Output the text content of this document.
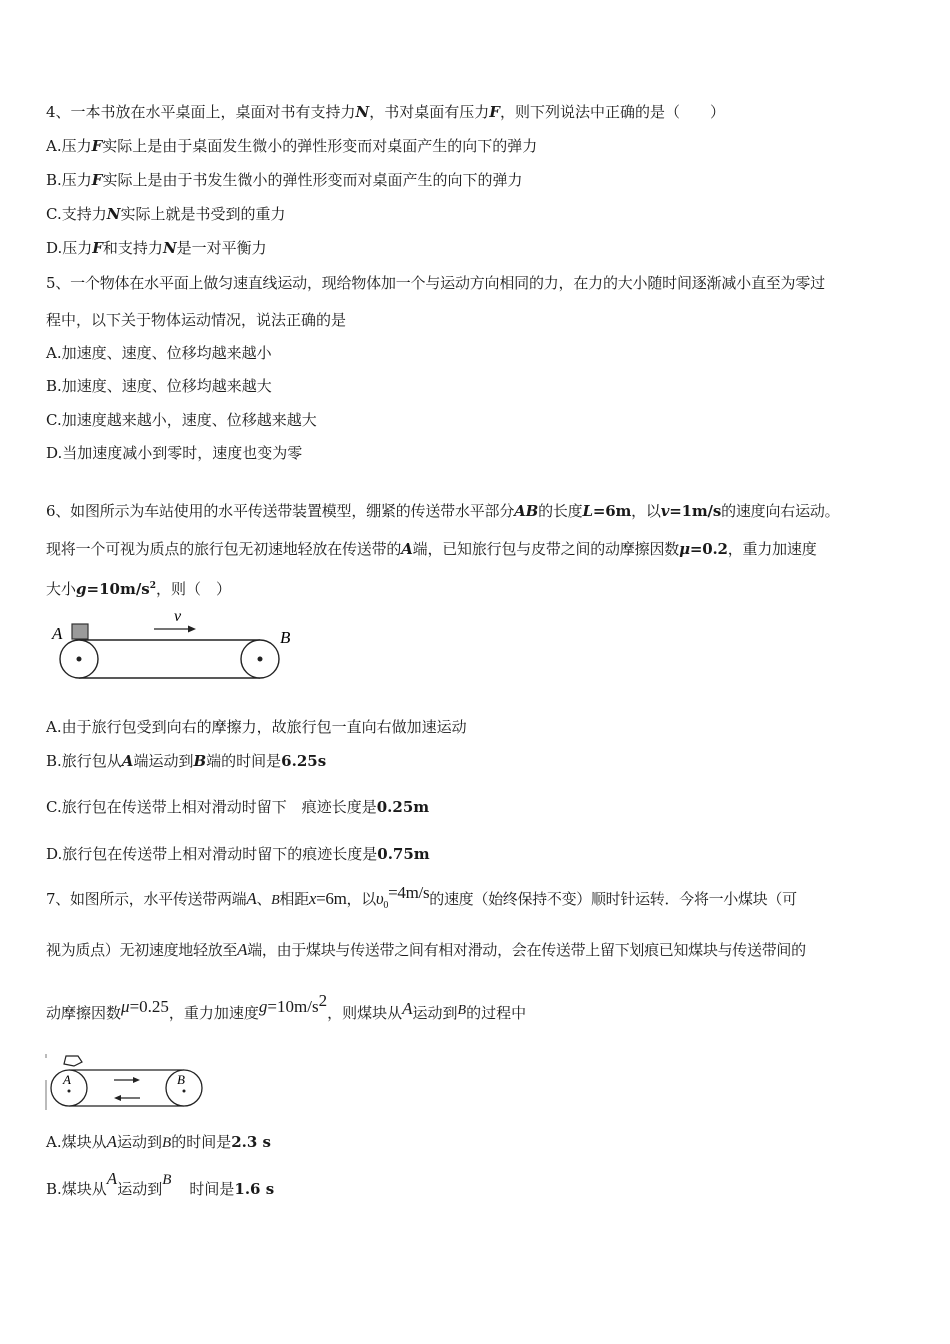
4、一本书放在水平桌面上，桌面对书有支持力N，书对桌面有压力F，则下列说法中正确的是（　　）
A.压力F实际上是由于桌面发生微小的弹性形变而对桌面产生的向下的弹力
B.压力F实际上是由于书发生微小的弹性形变而对桌面产生的向下的弹力
C.支持力N实际上就是书受到的重力
D.压力F和支持力N是一对平衡力
5、一个物体在水平面上做匀速直线运动，现给物体加一个与运动方向相同的力，在力的大小随时间逐渐减小直至为零过
程中，以下关于物体运动情况，说法正确的是
A.加速度、速度、位移均越来越小
B.加速度、速度、位移均越来越大
C.加速度越来越小，速度、位移越来越大
D.当加速度减小到零时，速度也变为零
6、如图所示为车站使用的水平传送带装置模型，绷紧的传送带水平部分AB的长度L=6m，以v=1m/s的速度向右运动。
现将一个可视为质点的旅行包无初速地轻放在传送带的A端，已知旅行包与皮带之间的动摩擦因数μ=0.2，重力加速度
大小$g=10m/s^2$，则（　）
A	B
v
A.由于旅行包受到向右的摩擦力，故旅行包一直向右做加速运动
B.旅行包从A端运动到B端的时间是6.25s
C.旅行包在传送带上相对滑动时留下　痕迹长度是0.25m
D.旅行包在传送带上相对滑动时留下的痕迹长度是0.75m
7、如图所示，水平传送带两端A、B相距x=6m，以$\upsilon_0=4m/s$的速度（始终保持不变）顺时针运转．今将一小煤块（可
视为质点）无初速度地轻放至A端，由于煤块与传送带之间有相对滑动，会在传送带上留下划痕已知煤块与传送带间的
动摩擦因数μ=0.25，重力加速度g=10m/s2，则煤块从A运动到B的过程中
A	B
A.煤块从A运动到B的时间是2.3 s
B.煤块从A运动到B 时间是1.6 s
